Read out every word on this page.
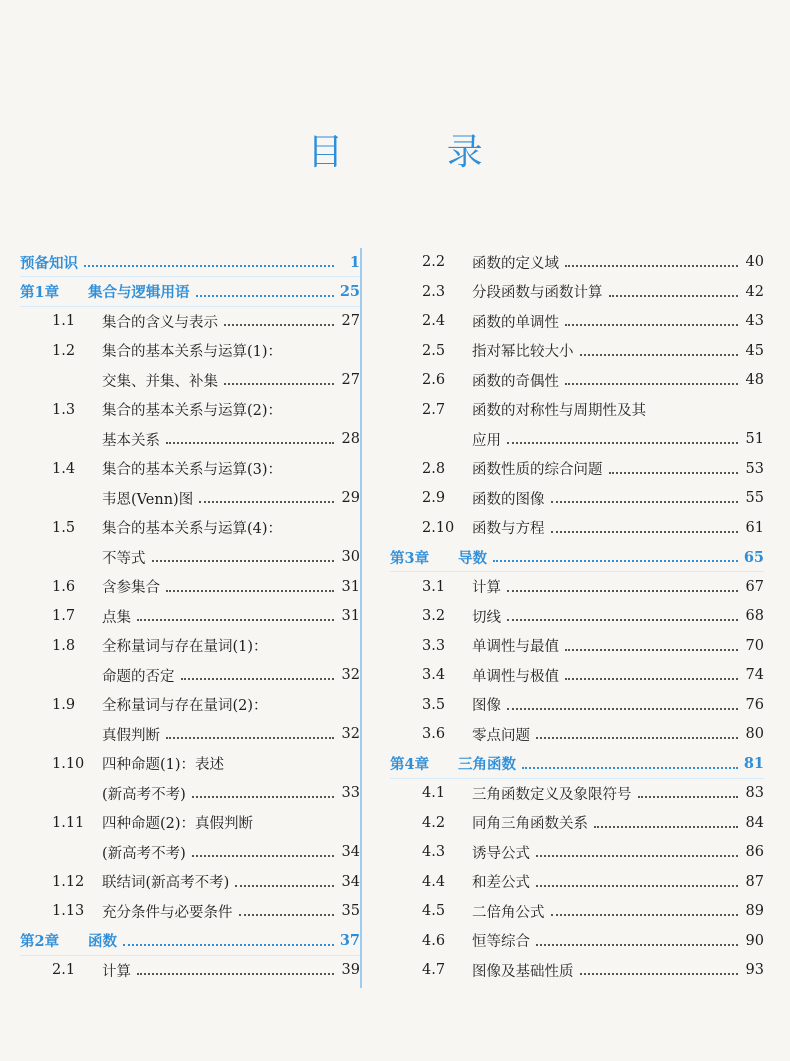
目 录
预备知识	1
第1章	集合与逻辑用语	25
1.1	集合的含义与表示	27
1.2	集合的基本关系与运算(1)：
交集、并集、补集	27
1.3	集合的基本关系与运算(2)：
基本关系	28
1.4	集合的基本关系与运算(3)：
韦恩(Venn)图	29
1.5	集合的基本关系与运算(4)：
不等式	30
1.6	含参集合	31
1.7	点集	31
1.8	全称量词与存在量词(1)：
命题的否定	32
1.9	全称量词与存在量词(2)：
真假判断	32
1.10	四种命题(1)：表述
(新高考不考)	33
1.11	四种命题(2)：真假判断
(新高考不考)	34
1.12	联结词(新高考不考)	34
1.13	充分条件与必要条件	35
第2章	函数	37
2.1	计算	39
2.2	函数的定义域	40
2.3	分段函数与函数计算	42
2.4	函数的单调性	43
2.5	指对幂比较大小	45
2.6	函数的奇偶性	48
2.7	函数的对称性与周期性及其
应用	51
2.8	函数性质的综合问题	53
2.9	函数的图像	55
2.10	函数与方程	61
第3章	导数	65
3.1	计算	67
3.2	切线	68
3.3	单调性与最值	70
3.4	单调性与极值	74
3.5	图像	76
3.6	零点问题	80
第4章	三角函数	81
4.1	三角函数定义及象限符号	83
4.2	同角三角函数关系	84
4.3	诱导公式	86
4.4	和差公式	87
4.5	二倍角公式	89
4.6	恒等综合	90
4.7	图像及基础性质	93
